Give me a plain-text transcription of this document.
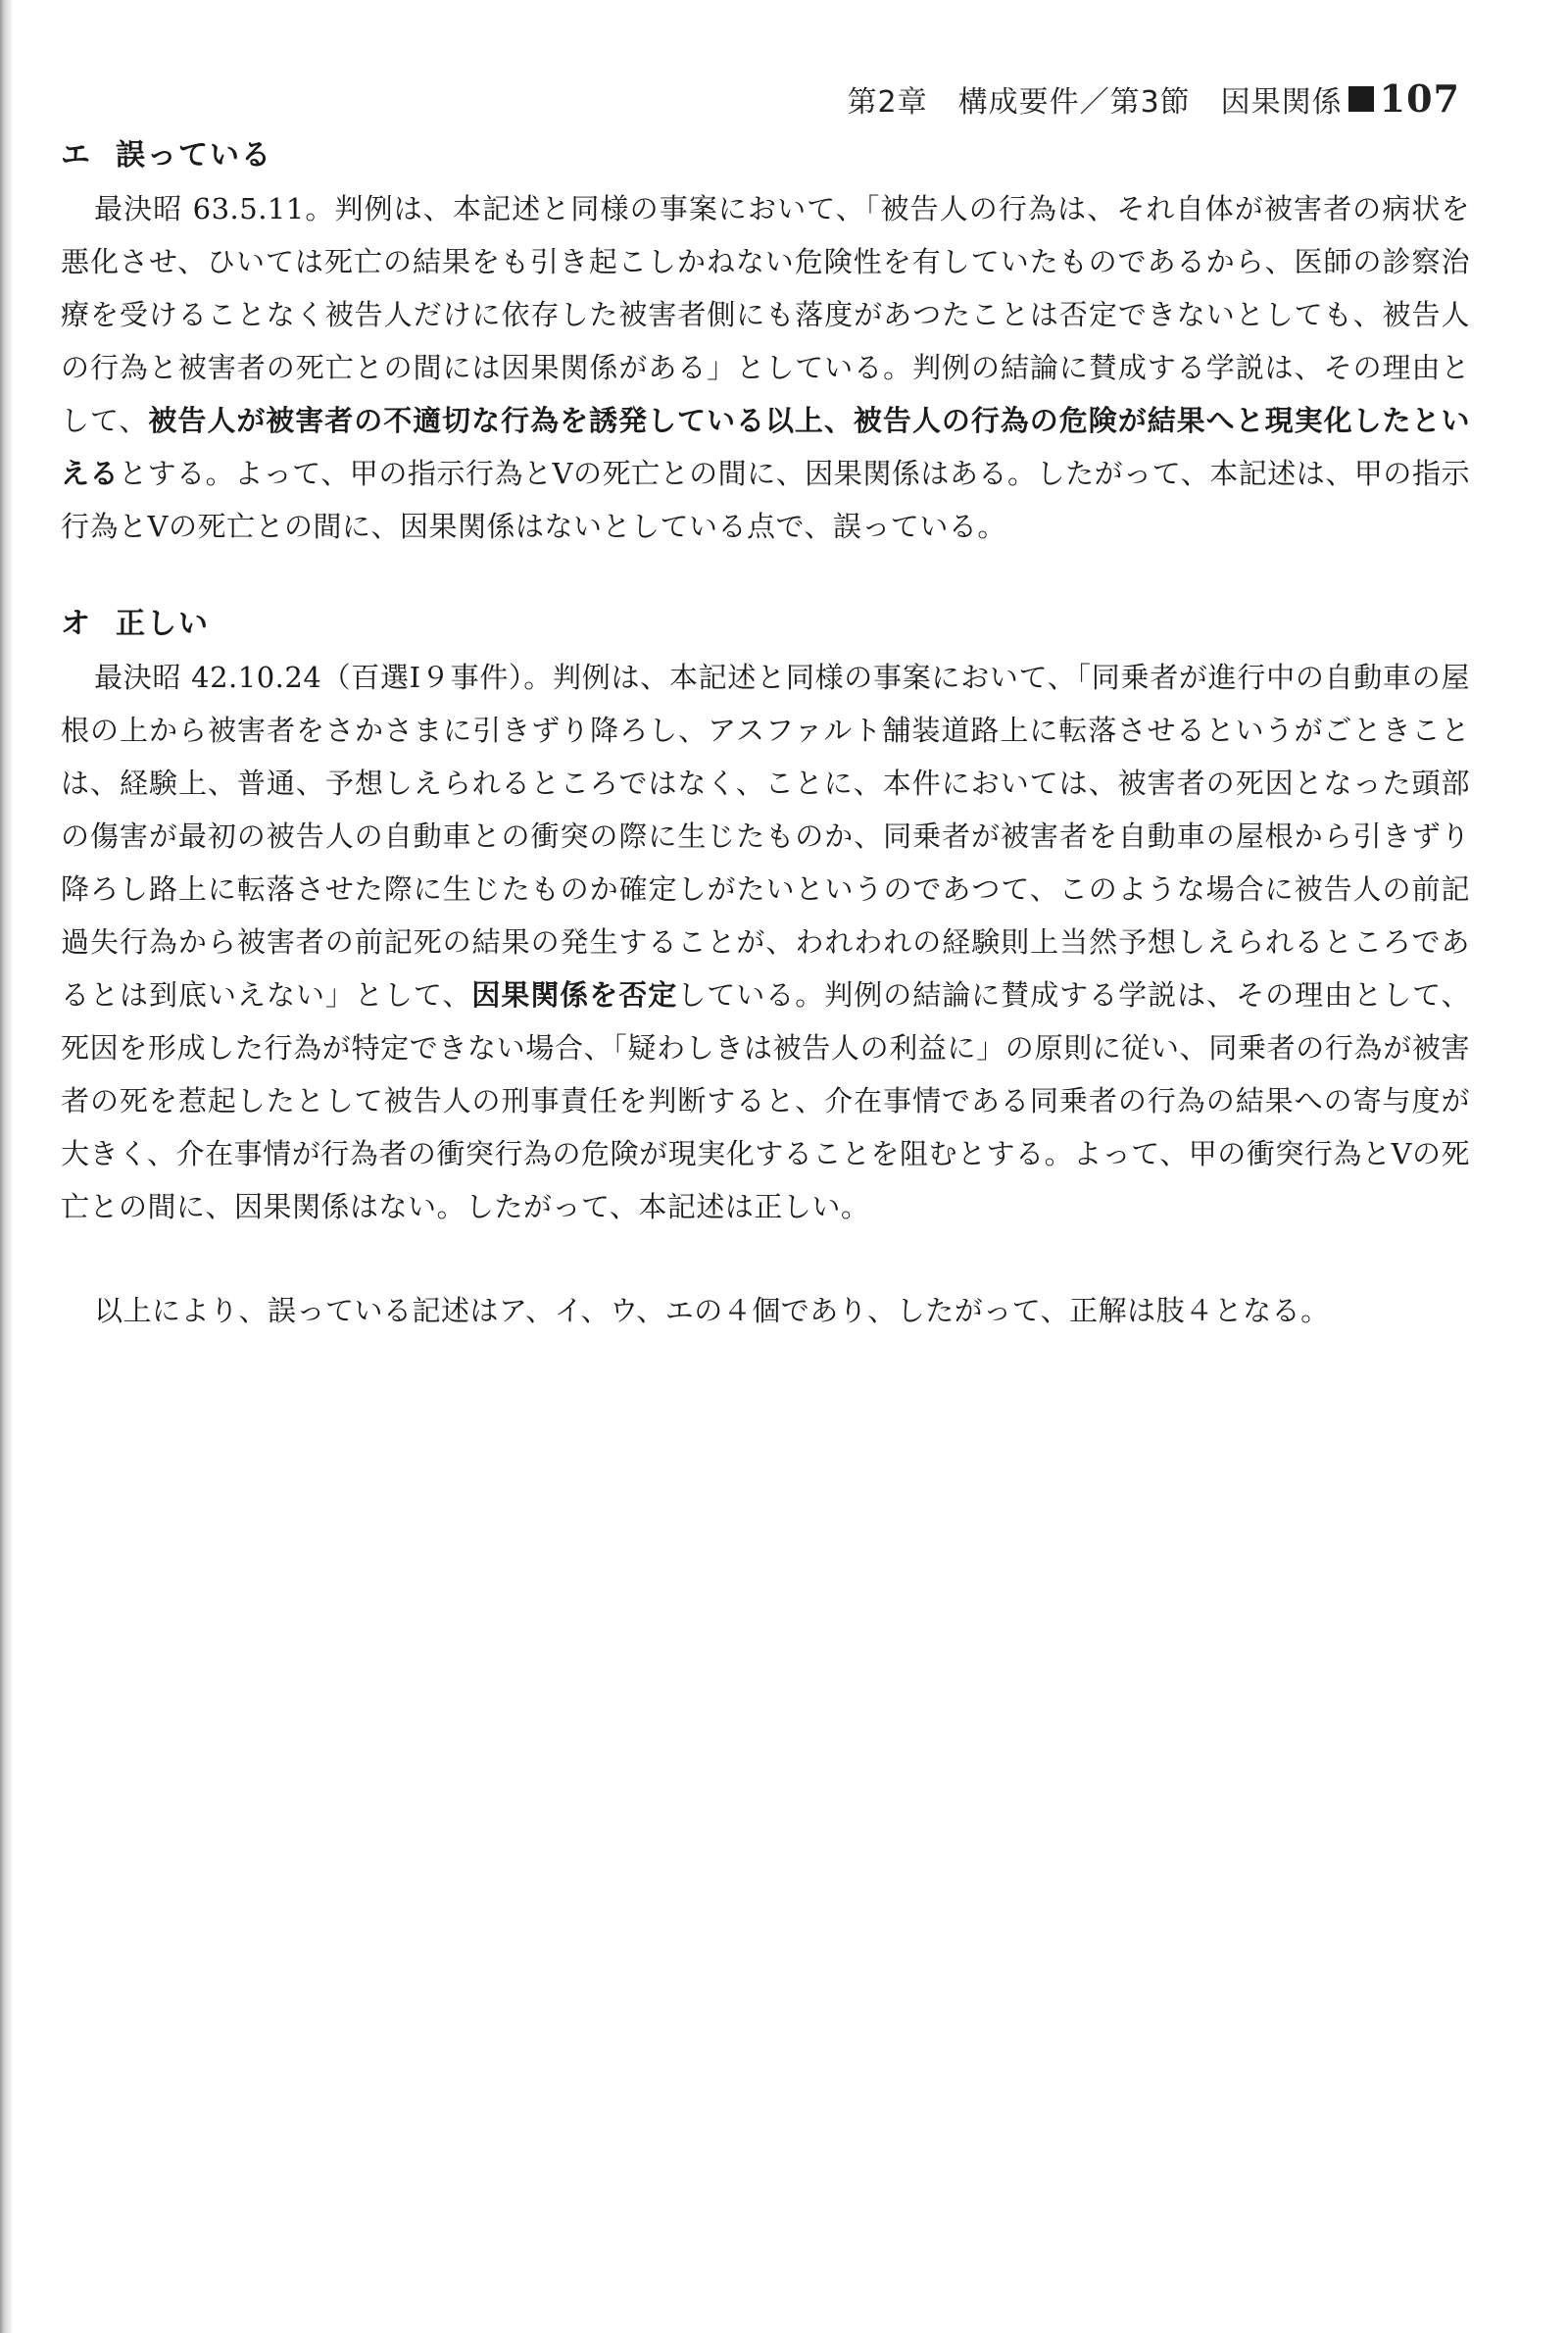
第2章　構成要件／第3節　因果関係 107
エ 誤っている

最決昭 63.5.11。判例は、本記述と同様の事案において、「被告人の行為は、それ自体が被害者の病状を悪化させ、ひいては死亡の結果をも引き起こしかねない危険性を有していたものであるから、医師の診察治療を受けることなく被告人だけに依存した被害者側にも落度があつたことは否定できないとしても、被告人の行為と被害者の死亡との間には因果関係がある」としている。判例の結論に賛成する学説は、その理由として、被告人が被害者の不適切な行為を誘発している以上、被告人の行為の危険が結果へと現実化したといえるとする。よって、甲の指示行為とVの死亡との間に、因果関係はある。したがって、本記述は、甲の指示行為とVの死亡との間に、因果関係はないとしている点で、誤っている。

オ 正しい

最決昭 42.10.24（百選Ⅰ９事件）。判例は、本記述と同様の事案において、「同乗者が進行中の自動車の屋根の上から被害者をさかさまに引きずり降ろし、アスファルト舗装道路上に転落させるというがごときことは、経験上、普通、予想しえられるところではなく、ことに、本件においては、被害者の死因となった頭部の傷害が最初の被告人の自動車との衝突の際に生じたものか、同乗者が被害者を自動車の屋根から引きずり降ろし路上に転落させた際に生じたものか確定しがたいというのであつて、このような場合に被告人の前記過失行為から被害者の前記死の結果の発生することが、われわれの経験則上当然予想しえられるところであるとは到底いえない」として、因果関係を否定している。判例の結論に賛成する学説は、その理由として、死因を形成した行為が特定できない場合、「疑わしきは被告人の利益に」の原則に従い、同乗者の行為が被害者の死を惹起したとして被告人の刑事責任を判断すると、介在事情である同乗者の行為の結果への寄与度が大きく、介在事情が行為者の衝突行為の危険が現実化することを阻むとする。よって、甲の衝突行為とVの死亡との間に、因果関係はない。したがって、本記述は正しい。

以上により、誤っている記述はア、イ、ウ、エの４個であり、したがって、正解は肢４となる。
